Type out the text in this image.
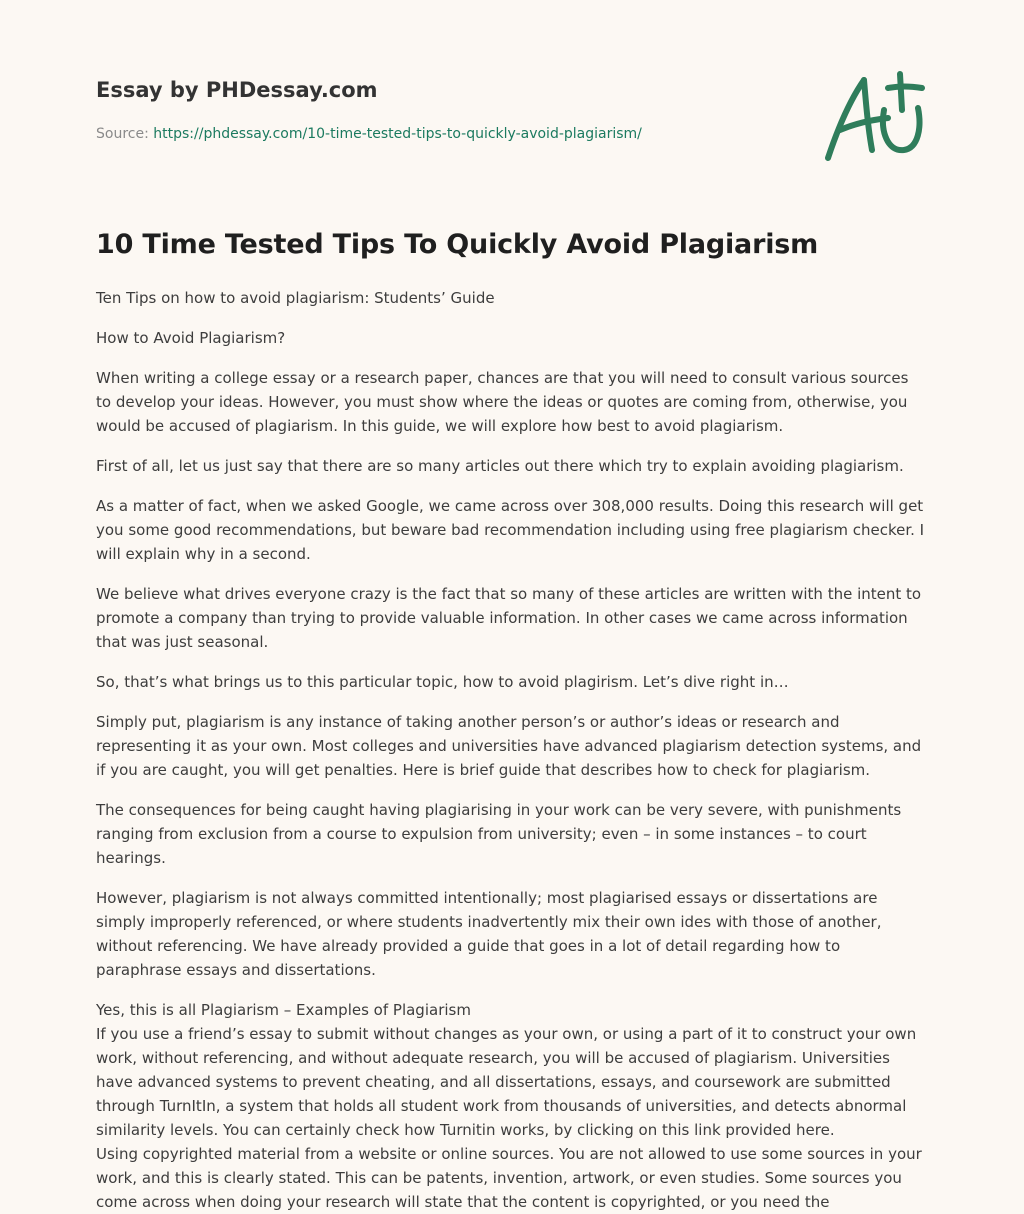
Essay by PHDessay.com
Source: https://phdessay.com/10-time-tested-tips-to-quickly-avoid-plagiarism/
10 Time Tested Tips To Quickly Avoid Plagiarism

Ten Tips on how to avoid plagiarism: Students’ Guide

How to Avoid Plagiarism?

When writing a college essay or a research paper, chances are that you will need to consult various sources to develop your ideas. However, you must show where the ideas or quotes are coming from, otherwise, you would be accused of plagiarism. In this guide, we will explore how best to avoid plagiarism.

First of all, let us just say that there are so many articles out there which try to explain avoiding plagiarism.

As a matter of fact, when we asked Google, we came across over 308,000 results. Doing this research will get you some good recommendations, but beware bad recommendation including using free plagiarism checker. I will explain why in a second.

We believe what drives everyone crazy is the fact that so many of these articles are written with the intent to promote a company than trying to provide valuable information. In other cases we came across information that was just seasonal.

So, that’s what brings us to this particular topic, how to avoid plagirism. Let’s dive right in…

Simply put, plagiarism is any instance of taking another person’s or author’s ideas or research and representing it as your own. Most colleges and universities have advanced plagiarism detection systems, and if you are caught, you will get penalties. Here is brief guide that describes how to check for plagiarism.

The consequences for being caught having plagiarising in your work can be very severe, with punishments ranging from exclusion from a course to expulsion from university; even – in some instances – to court hearings.

However, plagiarism is not always committed intentionally; most plagiarised essays or dissertations are simply improperly referenced, or where students inadvertently mix their own ides with those of another, without referencing. We have already provided a guide that goes in a lot of detail regarding how to paraphrase essays and dissertations.

Yes, this is all Plagiarism – Examples of Plagiarism

If you use a friend’s essay to submit without changes as your own, or using a part of it to construct your own work, without referencing, and without adequate research, you will be accused of plagiarism. Universities have advanced systems to prevent cheating, and all dissertations, essays, and coursework are submitted through TurnItIn, a system that holds all student work from thousands of universities, and detects abnormal similarity levels. You can certainly check how Turnitin works, by clicking on this link provided here.

Using copyrighted material from a website or online sources. You are not allowed to use some sources in your work, and this is clearly stated. This can be patents, invention, artwork, or even studies. Some sources you come across when doing your research will state that the content is copyrighted, or you need the
